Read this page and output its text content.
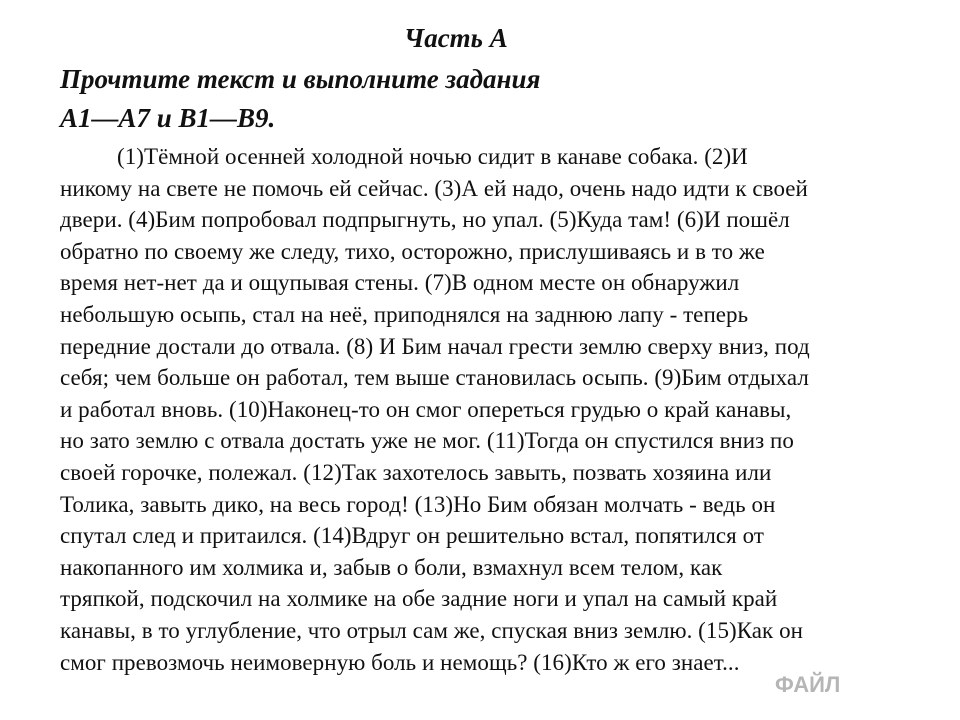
Часть А
Прочтите текст и выполните задания
А1—А7 и В1—В9.
(1)Тёмной осенней холодной ночью сидит в канаве собака. (2)И
никому на свете не помочь ей сейчас. (3)А ей надо, очень надо идти к своей
двери. (4)Бим попробовал подпрыгнуть, но упал. (5)Куда там! (6)И пошёл
обратно по своему же следу, тихо, осторожно, прислушиваясь и в то же
время нет-нет да и ощупывая стены. (7)В одном месте он обнаружил
небольшую осыпь, стал на неё, приподнялся на заднюю лапу - теперь
передние достали до отвала. (8) И Бим начал грести землю сверху вниз, под
себя; чем больше он работал, тем выше становилась осыпь. (9)Бим отдыхал
и работал вновь. (10)Наконец-то он смог опереться грудью о край канавы,
но зато землю с отвала достать уже не мог. (11)Тогда он спустился вниз по
своей горочке, полежал. (12)Так захотелось завыть, позвать хозяина или
Толика, завыть дико, на весь город! (13)Но Бим обязан молчать - ведь он
спутал след и притаился. (14)Вдруг он решительно встал, попятился от
накопанного им холмика и, забыв о боли, взмахнул всем телом, как
тряпкой, подскочил на холмике на обе задние ноги и упал на самый край
канавы, в то углубление, что отрыл сам же, спуская вниз землю. (15)Как он
смог превозмочь неимоверную боль и немощь? (16)Кто ж его знает...
ФАЙЛ
